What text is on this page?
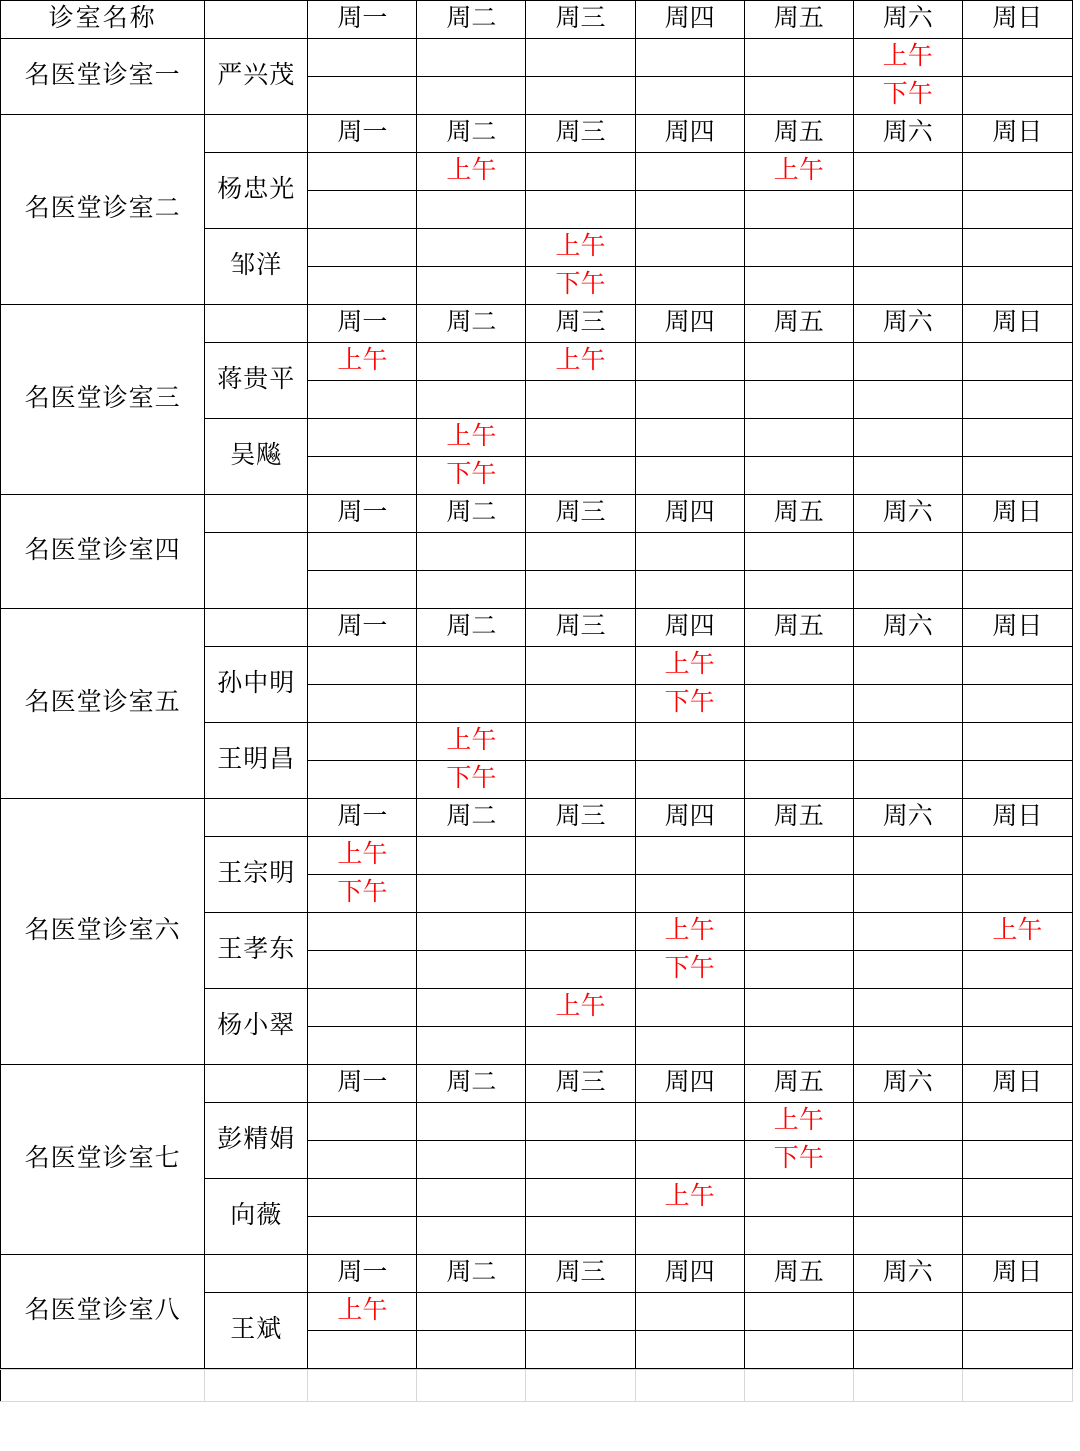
诊室名称		周一	周二	周三	周四	周五	周六	周日
名医堂诊室一	严兴茂						上午	
							下午	
名医堂诊室二		周一	周二	周三	周四	周五	周六	周日
	杨忠光		上午			上午		

	邹洋			上午				
				下午				
名医堂诊室三		周一	周二	周三	周四	周五	周六	周日
	蒋贵平	上午		上午				

	吴飚		上午					
			下午					
名医堂诊室四		周一	周二	周三	周四	周五	周六	周日

名医堂诊室五		周一	周二	周三	周四	周五	周六	周日
	孙中明				上午			
					下午			
	王明昌		上午					
			下午					
名医堂诊室六		周一	周二	周三	周四	周五	周六	周日
	王宗明	上午						
		下午						
	王孝东				上午			上午
					下午			
	杨小翠			上午				

名医堂诊室七		周一	周二	周三	周四	周五	周六	周日
	彭精娟					上午		
						下午		
	向薇				上午			

名医堂诊室八		周一	周二	周三	周四	周五	周六	周日
	王斌	上午						
